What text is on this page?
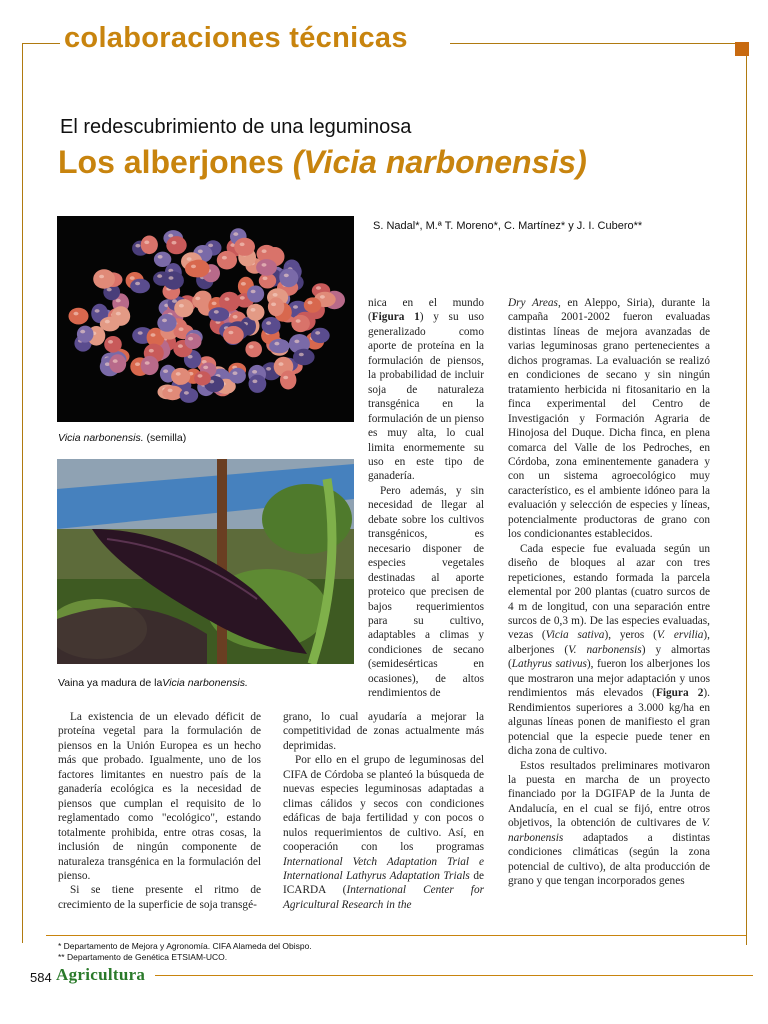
colaboraciones técnicas
El redescubrimiento de una leguminosa
Los alberjones (Vicia narbonensis)
S. Nadal*, M.ª T. Moreno*, C. Martínez* y J. I. Cubero**
Vicia narbonensis. (semilla)
Vaina ya madura de laVicia narbonensis.

La existencia de un elevado déficit de proteína vegetal para la formulación de piensos en la Unión Europea es un hecho más que probado. Igualmente, uno de los factores limitantes en nuestro país de la ganadería ecológica es la necesidad de piensos que cumplan el requisito de lo reglamentado como "ecológico", estando totalmente prohibida, entre otras cosas, la inclusión de ningún componente de naturaleza transgénica en la formulación del pienso.

Si se tiene presente el ritmo de crecimiento de la superficie de soja transgé-

nica en el mundo (Figura 1) y su uso generalizado como aporte de proteína en la formulación de piensos, la probabilidad de incluir soja de naturaleza transgénica en la formulación de un pienso es muy alta, lo cual limita enormemente su uso en este tipo de ganadería.

Pero además, y sin necesidad de llegar al debate sobre los cultivos transgénicos, es necesario disponer de especies vegetales destinadas al aporte proteico que precisen de bajos requerimientos para su cultivo, adaptables a climas y condiciones de secano (semidesérticas en ocasiones), de altos rendimientos de

grano, lo cual ayudaría a mejorar la competitividad de zonas actualmente más deprimidas.

Por ello en el grupo de leguminosas del CIFA de Córdoba se planteó la búsqueda de nuevas especies leguminosas adaptadas a climas cálidos y secos con condiciones edáficas de baja fertilidad y con pocos o nulos requerimientos de cultivo. Así, en cooperación con los programas International Vetch Adaptation Trial e International Lathyrus Adaptation Trials de ICARDA (International Center for Agricultural Research in the

Dry Areas, en Aleppo, Siria), durante la campaña 2001-2002 fueron evaluadas distintas líneas de mejora avanzadas de varias leguminosas grano pertenecientes a dichos programas. La evaluación se realizó en condiciones de secano y sin ningún tratamiento herbicida ni fitosanitario en la finca experimental del Centro de Investigación y Formación Agraria de Hinojosa del Duque. Dicha finca, en plena comarca del Valle de los Pedroches, en Córdoba, zona eminentemente ganadera y con un sistema agroecológico muy característico, es el ambiente idóneo para la evaluación y selección de especies y líneas, potencialmente productoras de grano con los condicionantes establecidos.

Cada especie fue evaluada según un diseño de bloques al azar con tres repeticiones, estando formada la parcela elemental por 200 plantas (cuatro surcos de 4 m de longitud, con una separación entre surcos de 0,3 m). De las especies evaluadas, vezas (Vicia sativa), yeros (V. ervilia), alberjones (V. narbonensis) y almortas (Lathyrus sativus), fueron los alberjones los que mostraron una mejor adaptación y unos rendimientos más elevados (Figura 2). Rendimientos superiores a 3.000 kg/ha en algunas líneas ponen de manifiesto el gran potencial que la especie puede tener en dicha zona de cultivo.

Estos resultados preliminares motivaron la puesta en marcha de un proyecto financiado por la DGIFAP de la Junta de Andalucía, en el cual se fijó, entre otros objetivos, la obtención de cultivares de V. narbonensis adaptados a distintas condiciones climáticas (según la zona potencial de cultivo), de alta producción de grano y que tengan incorporados genes

* Departamento de Mejora y Agronomía. CIFA Alameda del Obispo.
** Departamento de Genética ETSIAM-UCO.
584 Agricultura
